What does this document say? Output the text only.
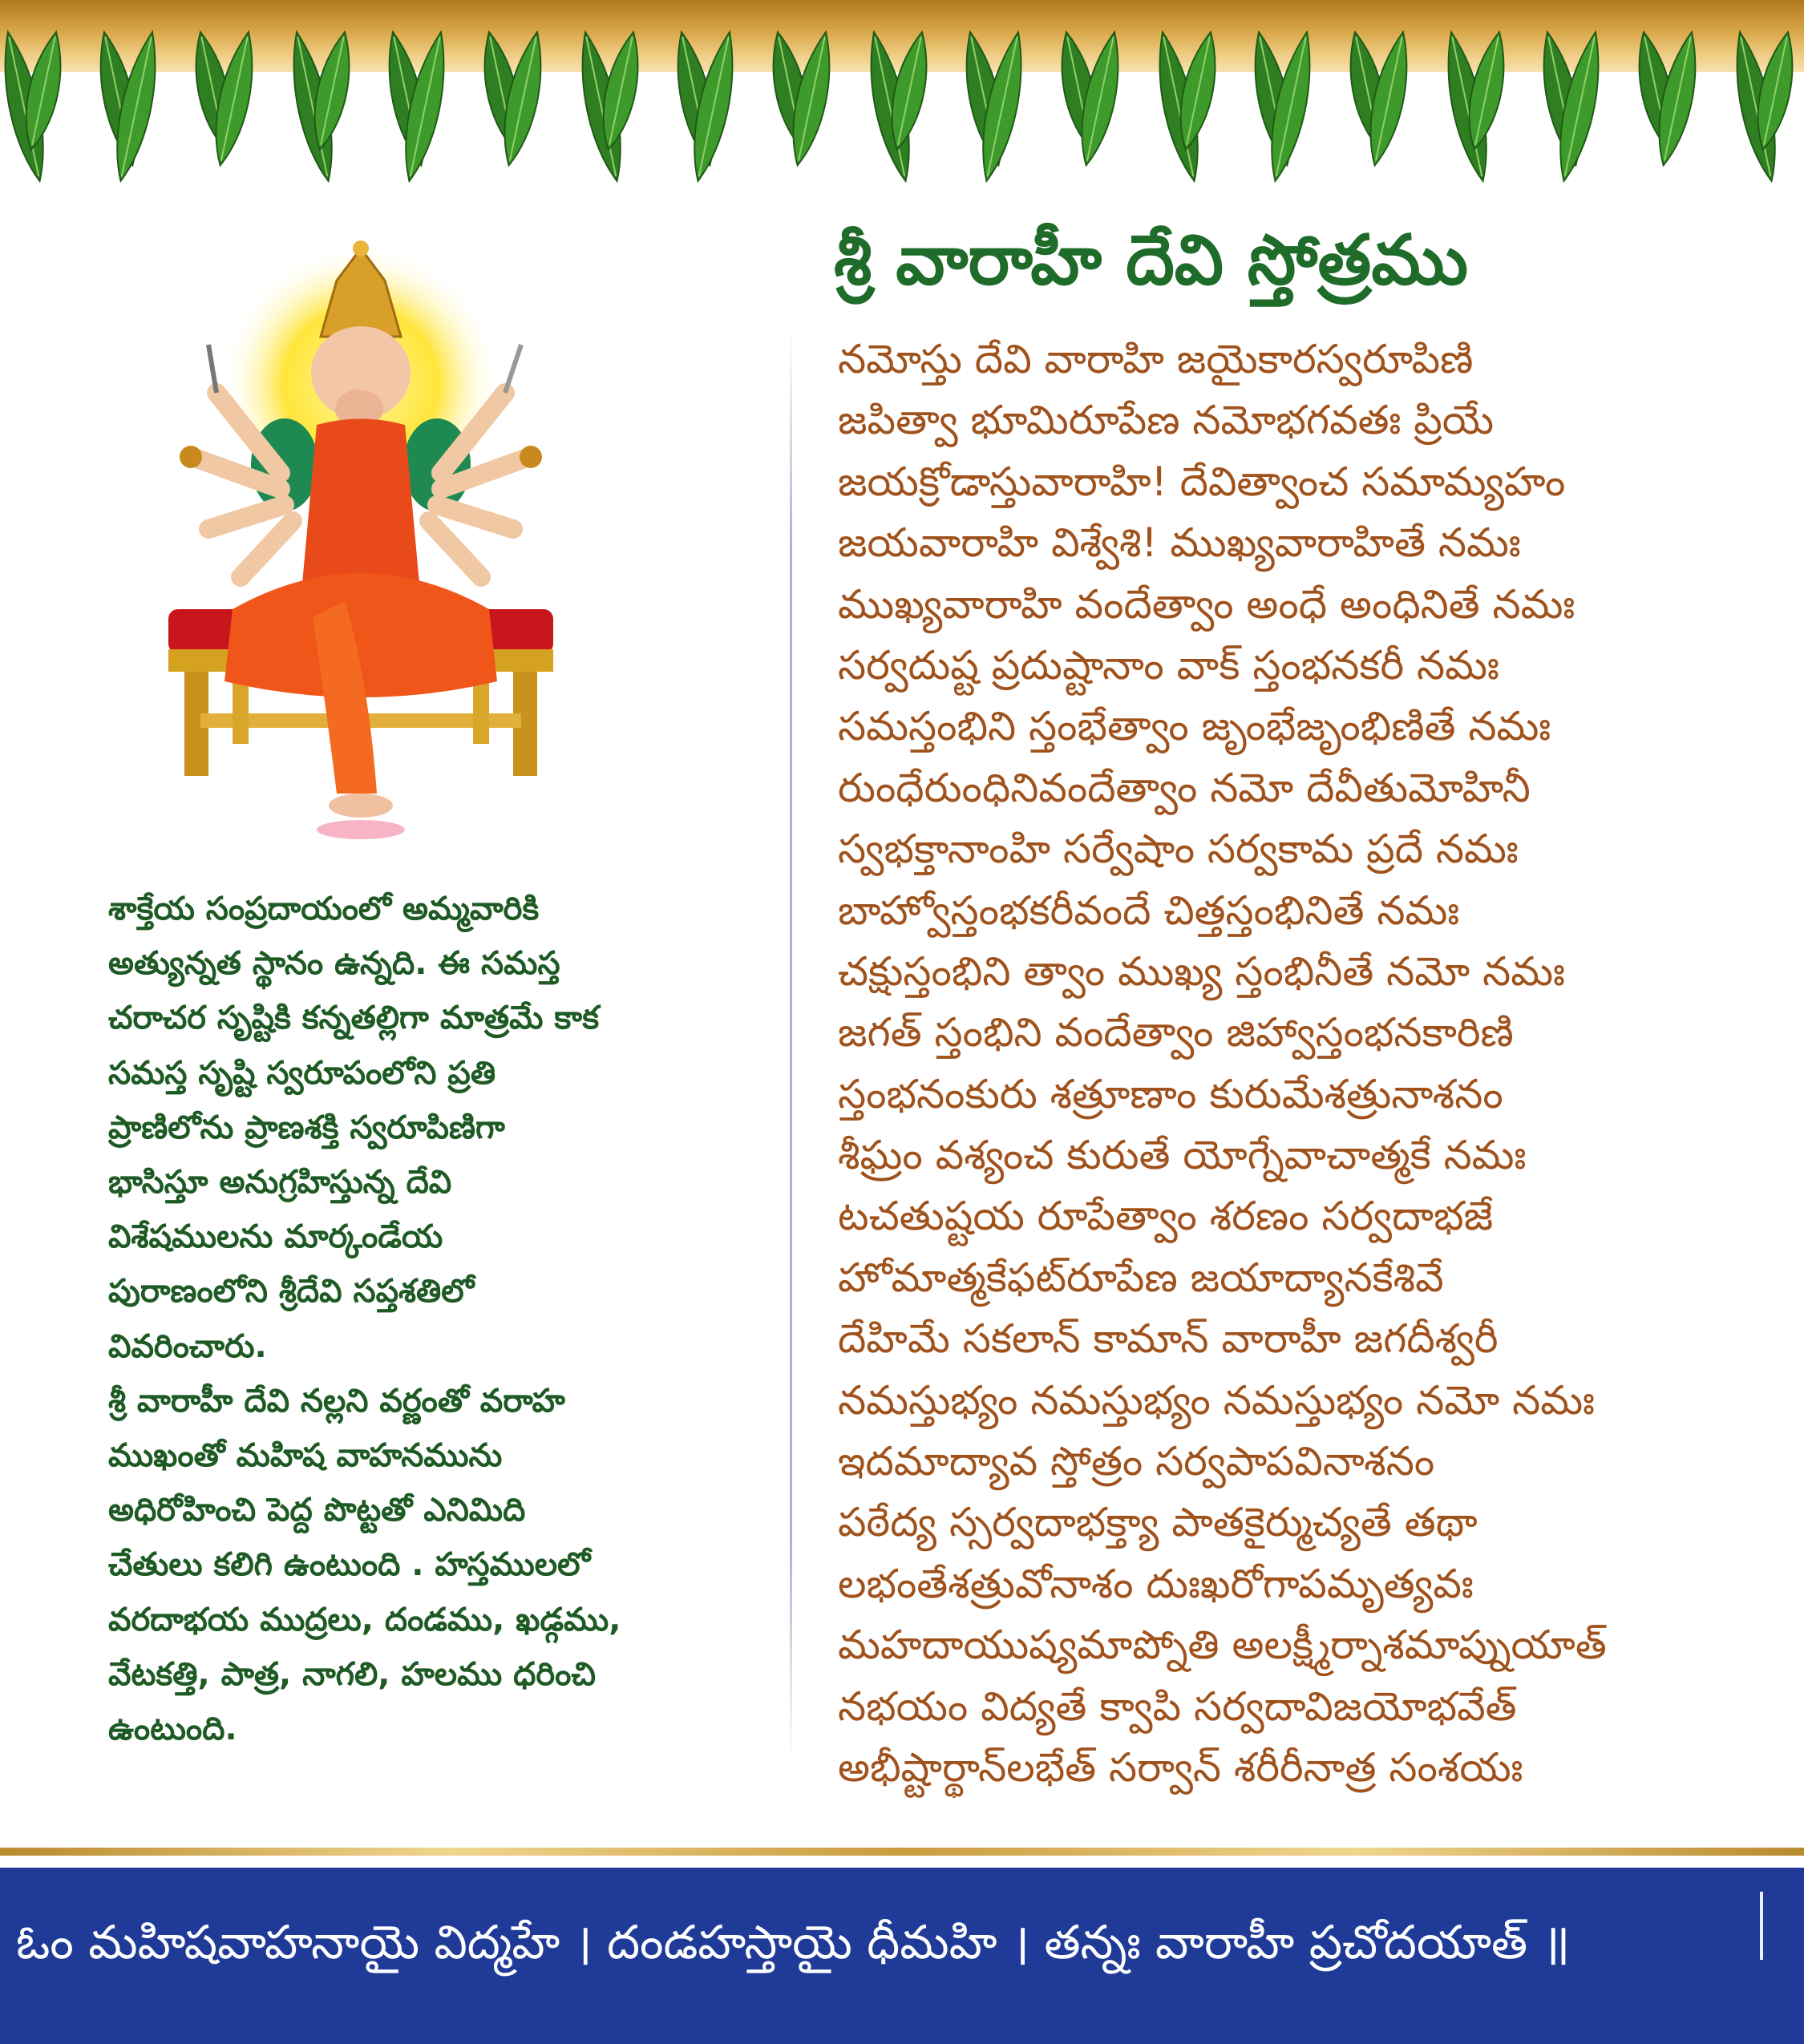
శ్రీ వారాహీ దేవి స్తోత్రము
నమోస్తు దేవి వారాహి జయైకారస్వరూపిణి
జపిత్వా భూమిరూపేణ నమోభగవతః ప్రియే
జయక్రోడాస్తువారాహి! దేవిత్వాంచ సమామ్యహం
జయవారాహి విశ్వేశి! ముఖ్యవారాహితే నమః
ముఖ్యవారాహి వందేత్వాం అంధే అంధినితే నమః
సర్వదుష్ట ప్రదుష్టానాం వాక్ స్తంభనకరీ నమః
సమస్తంభిని స్తంభేత్వాం జృంభేజృంభిణితే నమః
రుంధేరుంధినివందేత్వాం నమో దేవీతుమోహినీ
స్వభక్తానాంహి సర్వేషాం సర్వకామ ప్రదే నమః
బాహ్వోస్తంభకరీవందే చిత్తస్తంభినితే నమః
చక్షుస్తంభిని త్వాం ముఖ్య స్తంభినీతే నమో నమః
జగత్ స్తంభిని వందేత్వాం జిహ్వాస్తంభనకారిణి
స్తంభనంకురు శత్రూణాం కురుమేశత్రునాశనం
శీఘ్రం వశ్యంచ కురుతే యోగ్నేవాచాత్మకే నమః
టచతుష్టయ రూపేత్వాం శరణం సర్వదాభజే
హోమాత్మకేఫట్‌రూపేణ జయాద్యానకేశివే
దేహిమే సకలాన్ కామాన్ వారాహీ జగదీశ్వరీ
నమస్తుభ్యం నమస్తుభ్యం నమస్తుభ్యం నమో నమః
ఇదమాద్యావ స్తోత్రం సర్వపాపవినాశనం
పఠేద్య స్సర్వదాభక్త్యా పాతకైర్ముచ్యతే తథా
లభంతేశత్రువోనాశం దుఃఖరోగాపమృత్యవః
మహదాయుష్యమాప్నోతి అలక్ష్మీర్నాశమాప్నుయాత్
నభయం విద్యతే క్వాపి సర్వదావిజయోభవేత్
అభీష్టార్థాన్‌లభేత్ సర్వాన్ శరీరీనాత్ర సంశయః
శాక్తేయ సంప్రదాయంలో అమ్మవారికి
అత్యున్నత స్థానం ఉన్నది. ఈ సమస్త
చరాచర సృష్టికి కన్నతల్లిగా మాత్రమే కాక
సమస్త సృష్టి స్వరూపంలోని ప్రతి
ప్రాణిలోను ప్రాణశక్తి స్వరూపిణిగా
భాసిస్తూ అనుగ్రహిస్తున్న దేవి
విశేషములను మార్కండేయ
పురాణంలోని శ్రీదేవి సప్తశతిలో
వివరించారు.
శ్రీ వారాహీ దేవి నల్లని వర్ణంతో వరాహ
ముఖంతో మహిష వాహనమును
అధిరోహించి పెద్ద పొట్టతో ఎనిమిది
చేతులు కలిగి ఉంటుంది . హస్తములలో
వరదాభయ ముద్రలు, దండము, ఖడ్గము,
వేటకత్తి, పాత్ర, నాగలి, హలము ధరించి
ఉంటుంది.
ఓం మహిషవాహనాయై విద్మహే । దండహస్తాయై ధీమహి । తన్నః వారాహీ ప్రచోదయాత్ ॥
